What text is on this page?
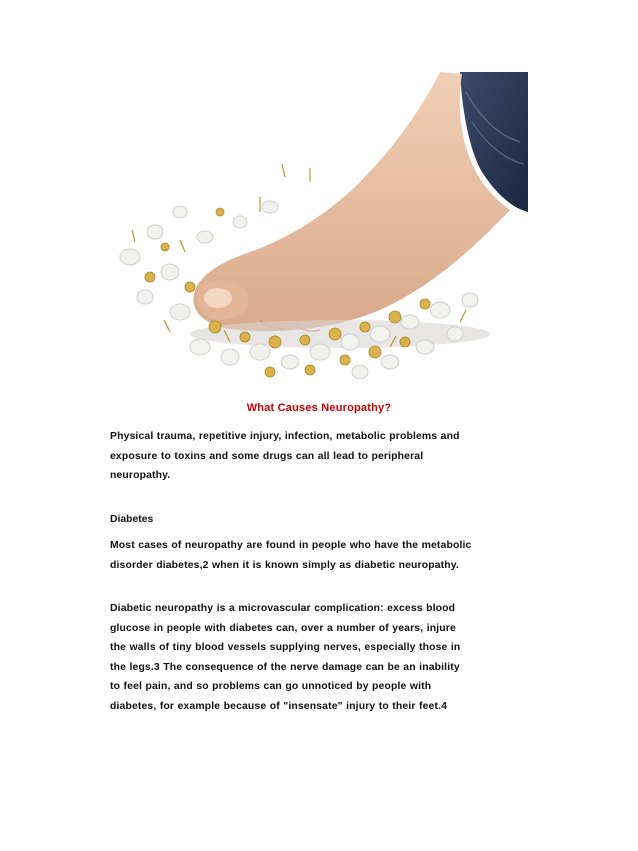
What Causes Neuropathy?
Physical trauma, repetitive injury, infection, metabolic problems and
exposure to toxins and some drugs can all lead to peripheral
neuropathy.
Diabetes
Most cases of neuropathy are found in people who have the metabolic
disorder diabetes,2 when it is known simply as diabetic neuropathy.
Diabetic neuropathy is a microvascular complication: excess blood
glucose in people with diabetes can, over a number of years, injure
the walls of tiny blood vessels supplying nerves, especially those in
the legs.3 The consequence of the nerve damage can be an inability
to feel pain, and so problems can go unnoticed by people with
diabetes, for example because of "insensate" injury to their feet.4
